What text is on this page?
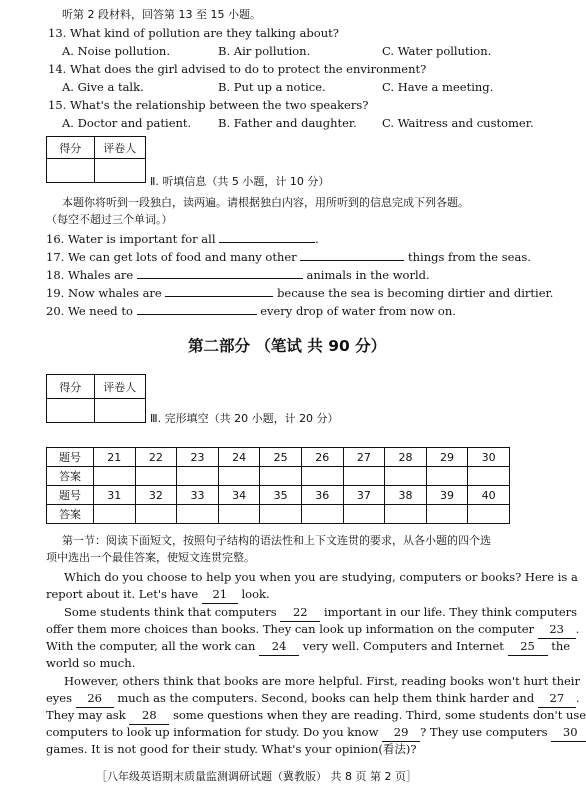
听第 2 段材料，回答第 13 至 15 小题。
13. What kind of pollution are they talking about?
A. Noise pollution.	B. Air pollution.	C. Water pollution.
14. What does the girl advised to do to protect the environment?
A. Give a talk.	B. Put up a notice.	C. Have a meeting.
15. What's the relationship between the two speakers?
A. Doctor and patient. B. Father and daughter. C. Waitress and customer.
得分	评卷人

Ⅱ. 听填信息（共 5 小题，计 10 分）
本题你将听到一段独白，读两遍。请根据独白内容，用所听到的信息完成下列各题。
（每空不超过三个单词。）
16. Water is important for all	.
17. We can get lots of food and many other	things from the seas.
18. Whales are	animals in the world.
19. Now whales are	because the sea is becoming dirtier and dirtier.
20. We need to	every drop of water from now on.
第二部分 （笔试 共 90 分）
得分	评卷人

Ⅲ. 完形填空（共 20 小题，计 20 分）
题号	21	22	23	24	25	26	27	28	29	30
答案										
题号	31	32	33	34	35	36	37	38	39	40
答案										
第一节：阅读下面短文，按照句子结构的语法性和上下文连贯的要求，从各小题的四个选
项中选出一个最佳答案，使短文连贯完整。
Which do you choose to help you when you are studying, computers or books? Here is a
report about it. Let's have 21 look.
Some students think that computers 22 important in our life. They think computers
offer them more choices than books. They can look up information on the computer 23 .
With the computer, all the work can 24 very well. Computers and Internet 25 the
world so much.
However, others think that books are more helpful. First, reading books won't hurt their
eyes 26 much as the computers. Second, books can help them think harder and 27 .
They may ask 28 some questions when they are reading. Third, some students don't use
computers to look up information for study. Do you know 29 ? They use computers 30
games. It is not good for their study. What's your opinion(看法)?
［八年级英语期末质量监测调研试题（冀教版） 共 8 页 第 2 页］
